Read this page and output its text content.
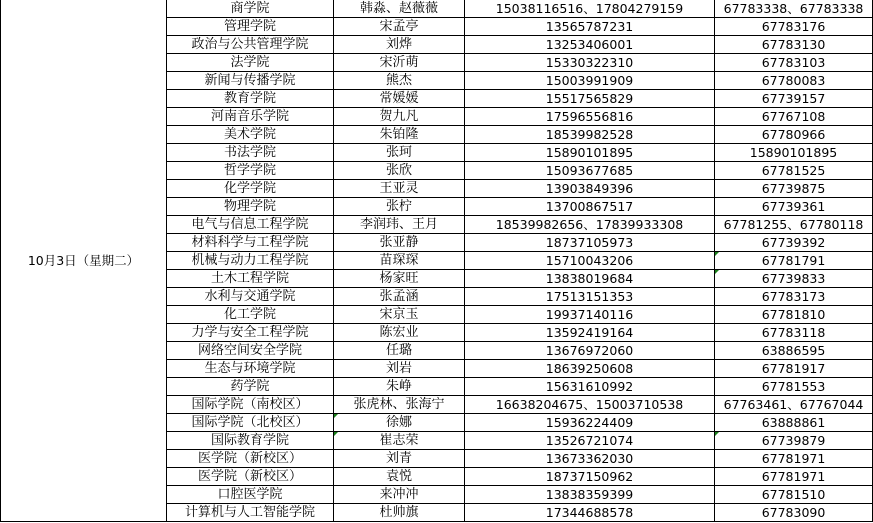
10月3日（星期二）	商学院	韩淼、赵薇薇	15038116516、17804279159	67783338、67783338
	管理学院	宋孟亭	13565787231	67783176
	政治与公共管理学院	刘烨	13253406001	67783130
	法学院	宋沂萌	15330322310	67783103
	新闻与传播学院	熊杰	15003991909	67780083
	教育学院	常媛媛	15517565829	67739157
	河南音乐学院	贺九凡	17596556816	67767108
	美术学院	朱铂隆	18539982528	67780966
	书法学院	张珂	15890101895	15890101895
	哲学学院	张欣	15093677685	67781525
	化学学院	王亚灵	13903849396	67739875
	物理学院	张柠	13700867517	67739361
	电气与信息工程学院	李润玮、王月	18539982656、17839933308	67781255、67780118
	材料科学与工程学院	张亚静	18737105973	67739392
	机械与动力工程学院	苗琛琛	15710043206	67781791
	土木工程学院	杨家旺	13838019684	67739833
	水利与交通学院	张孟涵	17513151353	67783173
	化工学院	宋京玉	19937140116	67781810
	力学与安全工程学院	陈宏业	13592419164	67783118
	网络空间安全学院	任璐	13676972060	63886595
	生态与环境学院	刘岩	18639250608	67781917
	药学院	朱峥	15631610992	67781553
	国际学院（南校区）	张虎林、张海宁	16638204675、15003710538	67763461、67767044
	国际学院（北校区）	徐娜	15936224409	63888861
	国际教育学院	崔志荣	13526721074	67739879
	医学院（新校区）	刘青	13673362030	67781971
	医学院（新校区）	袁悦	18737150962	67781971
	口腔医学院	来冲冲	13838359399	67781510
	计算机与人工智能学院	杜帅旗	17344688578	67783090
